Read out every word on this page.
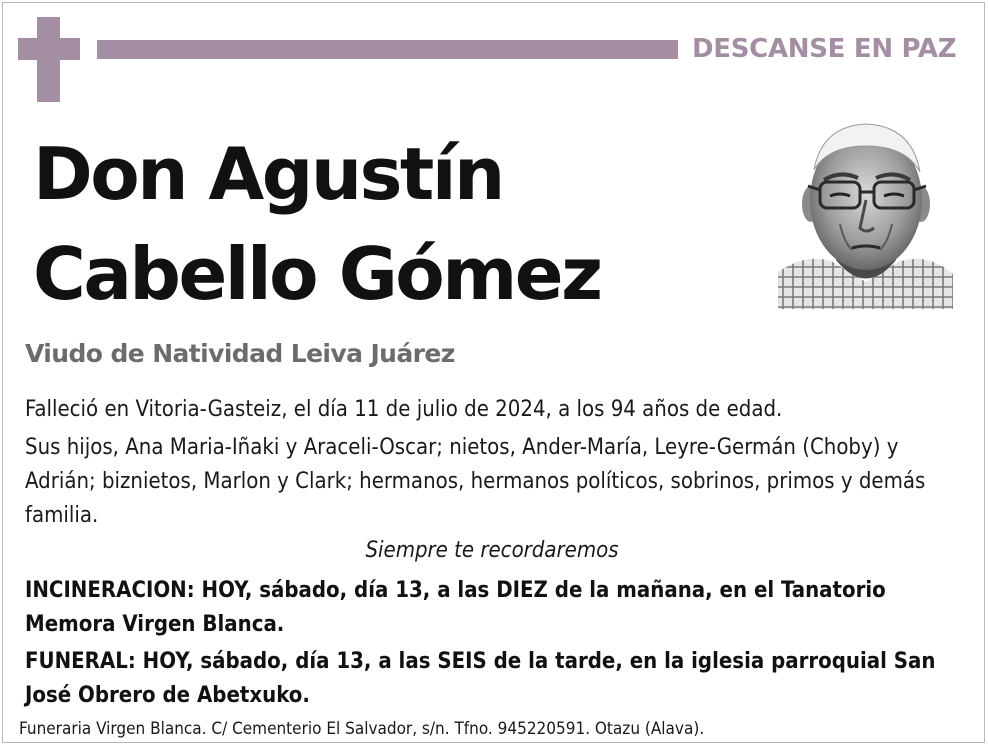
DESCANSE EN PAZ
Don Agustín
Cabello Gómez
Viudo de Natividad Leiva Juárez
Falleció en Vitoria-Gasteiz, el día 11 de julio de 2024, a los 94 años de edad.
Sus hijos, Ana Maria-Iñaki y Araceli-Oscar; nietos, Ander-María, Leyre-Germán (Choby) y Adrián; biznietos, Marlon y Clark; hermanos, hermanos políticos, sobrinos, primos y demás familia.
Siempre te recordaremos
INCINERACION: HOY, sábado, día 13, a las DIEZ de la mañana, en el Tanatorio Memora Virgen Blanca.
FUNERAL: HOY, sábado, día 13, a las SEIS de la tarde, en la iglesia parroquial San José Obrero de Abetxuko.
Funeraria Virgen Blanca. C/ Cementerio El Salvador, s/n. Tfno. 945220591. Otazu (Alava).
